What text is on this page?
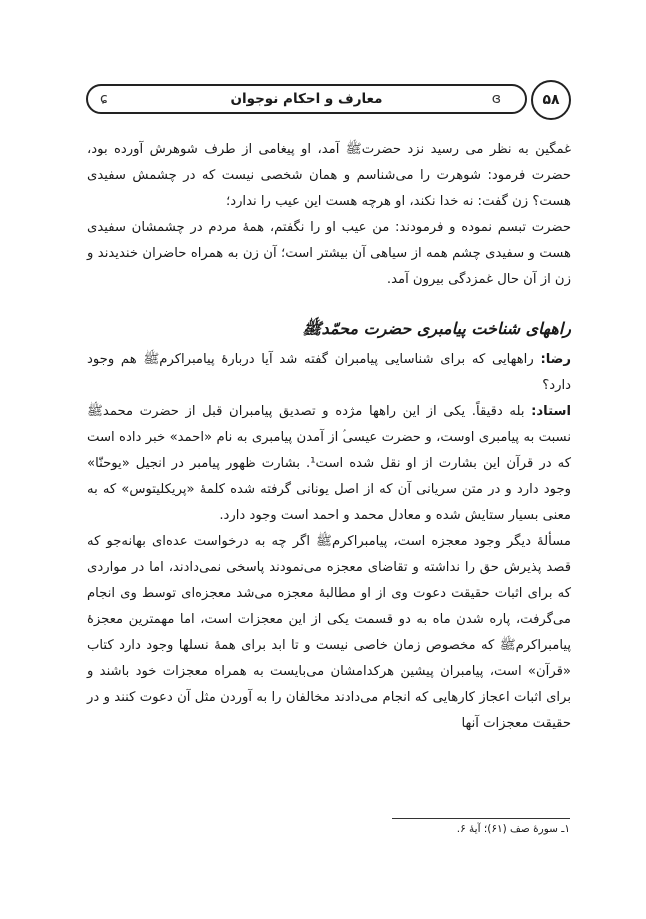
ɕ	معارف و احکام نوجوان	ɞ	۵۸

غمگین به نظر می رسید نزد حضرتﷺ آمد، او پیغامی از طرف شوهرش آورده بود، حضرت فرمود: شوهرت را می‌شناسم و همان شخصی نیست که در چشمش سفیدی هست؟ زن گفت: نه خدا نکند، او هرچه هست این عیب را ندارد؛

حضرت تبسم نموده و فرمودند: من عیب او را نگفتم، همهٔ مردم در چشمشان سفیدی هست و سفیدی چشم همه از سیاهی آن بیشتر است؛ آن زن به همراه حاضران خندیدند و زن از آن حال غمزدگی بیرون آمد.

راههای شناخت پیامبری حضرت محمّدﷺ

رضا: راههایی که برای شناسایی پیامبران گفته شد آیا دربارهٔ پیامبراکرمﷺ هم وجود دارد؟

استاد: بله دقیقاً. یکی از این راهها مژده و تصدیق پیامبران قبل از حضرت محمدﷺ نسبت به پیامبری اوست، و حضرت عیسی‌ؑ از آمدن پیامبری به نام «احمد» خبر داده است که در قرآن این بشارت از او نقل شده است¹. بشارت ظهور پیامبر در انجیل «یوحنّا» وجود دارد و در متن سریانی آن که از اصل یونانی گرفته شده کلمهٔ «پریکلیتوس» که به معنی بسیار ستایش شده و معادل محمد و احمد است وجود دارد.

مسألهٔ دیگر وجود معجزه است، پیامبراکرمﷺ اگر چه به درخواست عده‌ای بهانه‌جو که قصد پذیرش حق را نداشته و تقاضای معجزه می‌نمودند پاسخی نمی‌دادند، اما در مواردی که برای اثبات حقیقت دعوت وی از او مطالبهٔ معجزه می‌شد معجزه‌ای توسط وی انجام می‌گرفت، پاره شدن ماه به دو قسمت یکی از این معجزات است، اما مهمترین معجزهٔ پیامبراکرمﷺ که مخصوص زمان خاصی نیست و تا ابد برای همهٔ نسلها وجود دارد کتاب «قرآن» است، پیامبران پیشین هرکدامشان می‌بایست به همراه معجزات خود باشند و برای اثبات اعجاز کارهایی که انجام می‌دادند مخالفان را به آوردن مثل آن دعوت کنند و در حقیقت معجزات آنها

۱ـ سورهٔ صف (۶۱)؛ آیهٔ ۶.
